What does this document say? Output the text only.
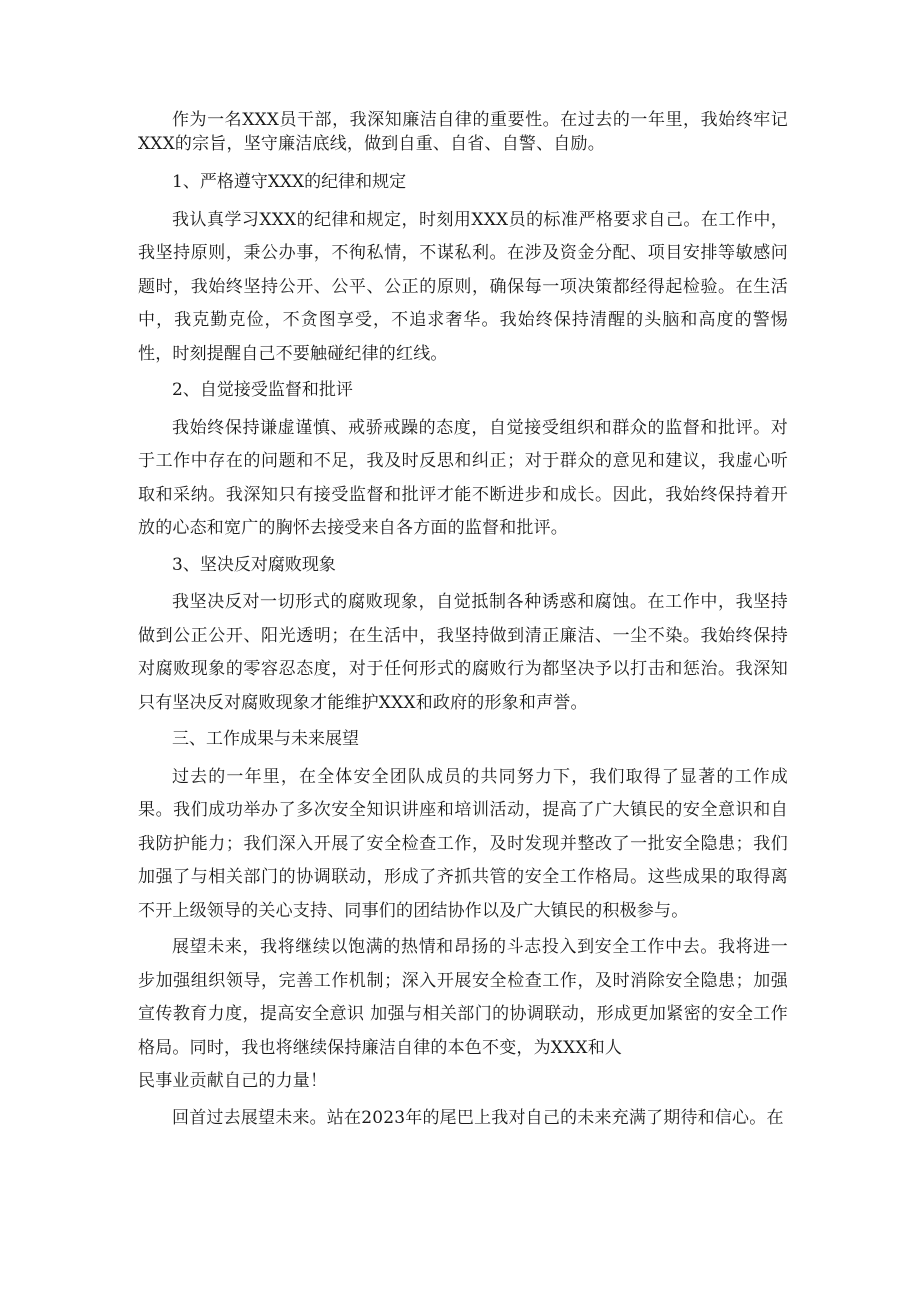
作为一名XXX员干部，我深知廉洁自律的重要性。在过去的一年里，我始终牢记XXX的宗旨，坚守廉洁底线，做到自重、自省、自警、自励。

1、严格遵守XXX的纪律和规定

我认真学习XXX的纪律和规定，时刻用XXX员的标准严格要求自己。在工作中，我坚持原则，秉公办事，不徇私情，不谋私利。在涉及资金分配、项目安排等敏感问题时，我始终坚持公开、公平、公正的原则，确保每一项决策都经得起检验。在生活中，我克勤克俭，不贪图享受，不追求奢华。我始终保持清醒的头脑和高度的警惕性，时刻提醒自己不要触碰纪律的红线。

2、自觉接受监督和批评

我始终保持谦虚谨慎、戒骄戒躁的态度，自觉接受组织和群众的监督和批评。对于工作中存在的问题和不足，我及时反思和纠正；对于群众的意见和建议，我虚心听取和采纳。我深知只有接受监督和批评才能不断进步和成长。因此，我始终保持着开放的心态和宽广的胸怀去接受来自各方面的监督和批评。

3、坚决反对腐败现象

我坚决反对一切形式的腐败现象，自觉抵制各种诱惑和腐蚀。在工作中，我坚持做到公正公开、阳光透明；在生活中，我坚持做到清正廉洁、一尘不染。我始终保持对腐败现象的零容忍态度，对于任何形式的腐败行为都坚决予以打击和惩治。我深知只有坚决反对腐败现象才能维护XXX和政府的形象和声誉。

三、工作成果与未来展望

过去的一年里，在全体安全团队成员的共同努力下，我们取得了显著的工作成果。我们成功举办了多次安全知识讲座和培训活动，提高了广大镇民的安全意识和自我防护能力；我们深入开展了安全检查工作，及时发现并整改了一批安全隐患；我们加强了与相关部门的协调联动，形成了齐抓共管的安全工作格局。这些成果的取得离不开上级领导的关心支持、同事们的团结协作以及广大镇民的积极参与。

展望未来，我将继续以饱满的热情和昂扬的斗志投入到安全工作中去。我将进一步加强组织领导，完善工作机制；深入开展安全检查工作，及时消除安全隐患；加强宣传教育力度，提高安全意识 加强与相关部门的协调联动，形成更加紧密的安全工作格局。同时，我也将继续保持廉洁自律的本色不变，为XXX和人

民事业贡献自己的力量！

回首过去展望未来。站在2023年的尾巴上我对自己的未来充满了期待和信心。在
